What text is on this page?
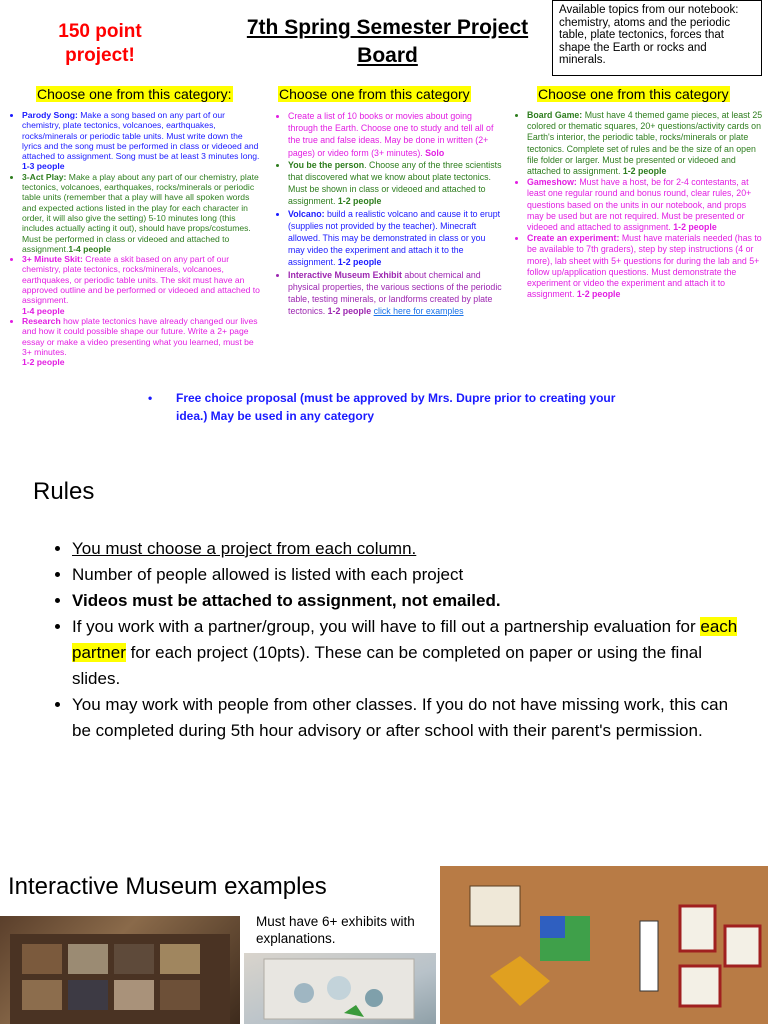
150 point
project!
7th Spring Semester Project
Board
Available topics from our notebook: chemistry, atoms and the periodic table, plate tectonics, forces that shape the Earth or rocks and minerals.
Choose one from this category:	Choose one from this category	Choose one from this category
• Parody Song: Make a song based on any part of our chemistry, plate tectonics, volcanoes, earthquakes, rocks/minerals or periodic table units. Must write down the lyrics and the song must be performed in class or videoed and attached to assignment. Song must be at least 3 minutes long.
1-3 people
• 3-Act Play: Make a play about any part of our chemistry, plate tectonics, volcanoes, earthquakes, rocks/minerals or periodic table units (remember that a play will have all spoken words and expected actions listed in the play for each character in order, it will also give the setting) 5-10 minutes long (this includes actually acting it out), should have props/costumes. Must be performed in class or videoed and attached to assignment.1-4 people
• 3+ Minute Skit: Create a skit based on any part of our chemistry, plate tectonics, rocks/minerals, volcanoes, earthquakes, or periodic table units. The skit must have an approved outline and be performed or videoed and attached to assignment.
1-4 people
• Research how plate tectonics have already changed our lives and how it could possible shape our future. Write a 2+ page essay or make a video presenting what you learned, must be 3+ minutes.
1-2 people
• Create a list of 10 books or movies about going through the Earth. Choose one to study and tell all of the true and false ideas. May be done in written (2+ pages) or video form (3+ minutes). Solo
• You be the person. Choose any of the three scientists that discovered what we know about plate tectonics. Must be shown in class or videoed and attached to assignment. 1-2 people
• Volcano: build a realistic volcano and cause it to erupt (supplies not provided by the teacher). Minecraft allowed. This may be demonstrated in class or you may video the experiment and attach it to the assignment. 1-2 people
• Interactive Museum Exhibit about chemical and physical properties, the various sections of the periodic table, testing minerals, or landforms created by plate tectonics. 1-2 people click here for examples
• Board Game: Must have 4 themed game pieces, at least 25 colored or thematic squares, 20+ questions/activity cards on Earth's interior, the periodic table, rocks/minerals or plate tectonics. Complete set of rules and be the size of an open file folder or larger. Must be presented or videoed and attached to assignment. 1-2 people
• Gameshow: Must have a host, be for 2-4 contestants, at least one regular round and bonus round, clear rules, 20+ questions based on the units in our notebook, and props may be used but are not required. Must be presented or videoed and attached to assignment. 1-2 people
• Create an experiment: Must have materials needed (has to be available to 7th graders), step by step instructions (4 or more), lab sheet with 5+ questions for during the lab and 5+ follow up/application questions. Must demonstrate the experiment or video the experiment and attach it to assignment. 1-2 people
• Free choice proposal (must be approved by Mrs. Dupre prior to creating your idea.) May be used in any category
Rules
• You must choose a project from each column.
• Number of people allowed is listed with each project
• Videos must be attached to assignment, not emailed.
• If you work with a partner/group, you will have to fill out a partnership evaluation for each partner for each project (10pts). These can be completed on paper or using the final slides.
• You may work with people from other classes. If you do not have missing work, this can be completed during 5th hour advisory or after school with their parent's permission.
Interactive Museum examples
Must have 6+ exhibits with explanations.
